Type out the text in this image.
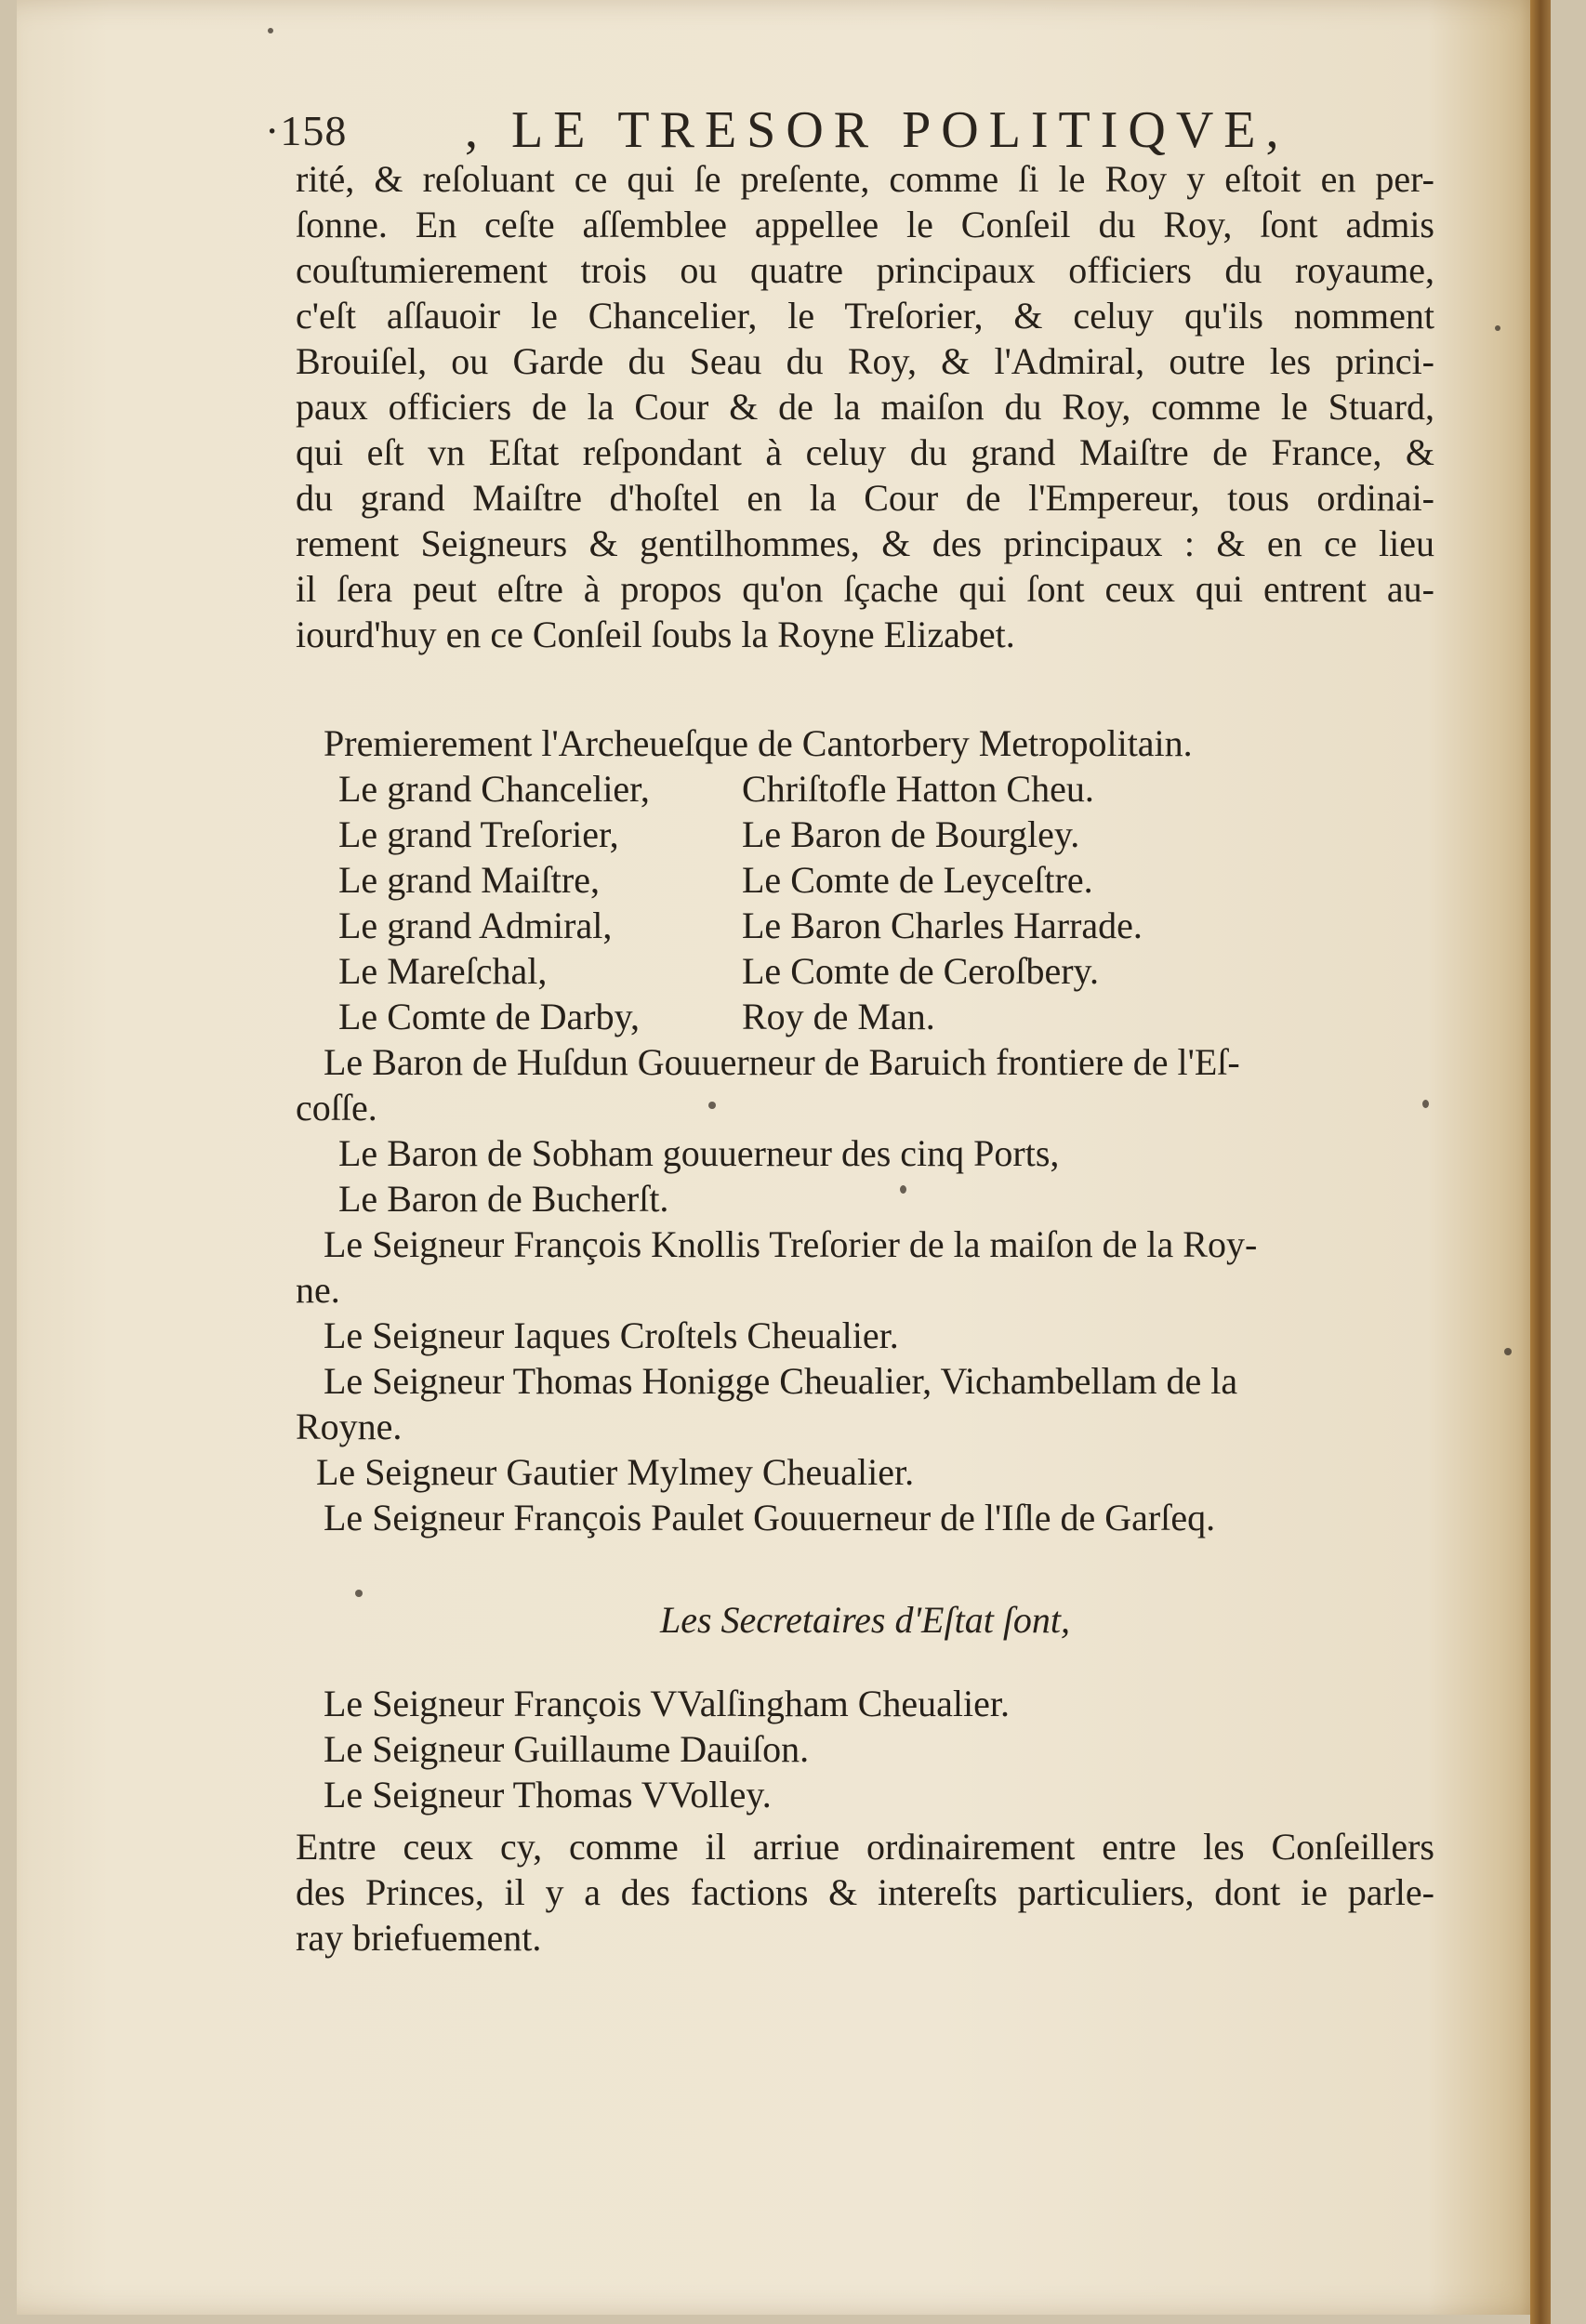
·158 , LE TRESOR POLITIQVE,
rité, & reſoluant ce qui ſe preſente, comme ſi le Roy y eſtoit en per-
ſonne. En ceſte aſſemblee appellee le Conſeil du Roy, ſont admis
couſtumierement trois ou quatre principaux officiers du royaume,
c'eſt aſſauoir le Chancelier, le Treſorier, & celuy qu'ils nomment
Brouiſel, ou Garde du Seau du Roy, & l'Admiral, outre les princi-
paux officiers de la Cour & de la maiſon du Roy, comme le Stuard,
qui eſt vn Eſtat reſpondant à celuy du grand Maiſtre de France, &
du grand Maiſtre d'hoſtel en la Cour de l'Empereur, tous ordinai-
rement Seigneurs & gentilhommes, & des principaux : & en ce lieu
il ſera peut eſtre à propos qu'on ſçache qui ſont ceux qui entrent au-
iourd'huy en ce Conſeil ſoubs la Royne Elizabet.
Premierement l'Archeueſque de Cantorbery Metropolitain.
Le grand Chancelier, Chriſtofle Hatton Cheu.
Le grand Treſorier,	Le Baron de Bourgley.
Le grand Maiſtre,	Le Comte de Leyceſtre.
Le grand Admiral,	Le Baron Charles Harrade.
Le Mareſchal,	Le Comte de Ceroſbery.
Le Comte de Darby,	Roy de Man.
Le Baron de Huſdun Gouuerneur de Baruich frontiere de l'Eſ-
coſſe.
Le Baron de Sobham gouuerneur des cinq Ports,
Le Baron de Bucherſt.
Le Seigneur François Knollis Treſorier de la maiſon de la Roy-
ne.
Le Seigneur Iaques Croſtels Cheualier.
Le Seigneur Thomas Honigge Cheualier, Vichambellam de la
Royne.
Le Seigneur Gautier Mylmey Cheualier.
Le Seigneur François Paulet Gouuerneur de l'Iſle de Garſeq.
Les Secretaires d'Eſtat ſont,
Le Seigneur François VValſingham Cheualier.
Le Seigneur Guillaume Dauiſon.
Le Seigneur Thomas VVolley.
Entre ceux cy, comme il arriue ordinairement entre les Conſeillers
des Princes, il y a des factions & intereſts particuliers, dont ie parle-
ray briefuement.
